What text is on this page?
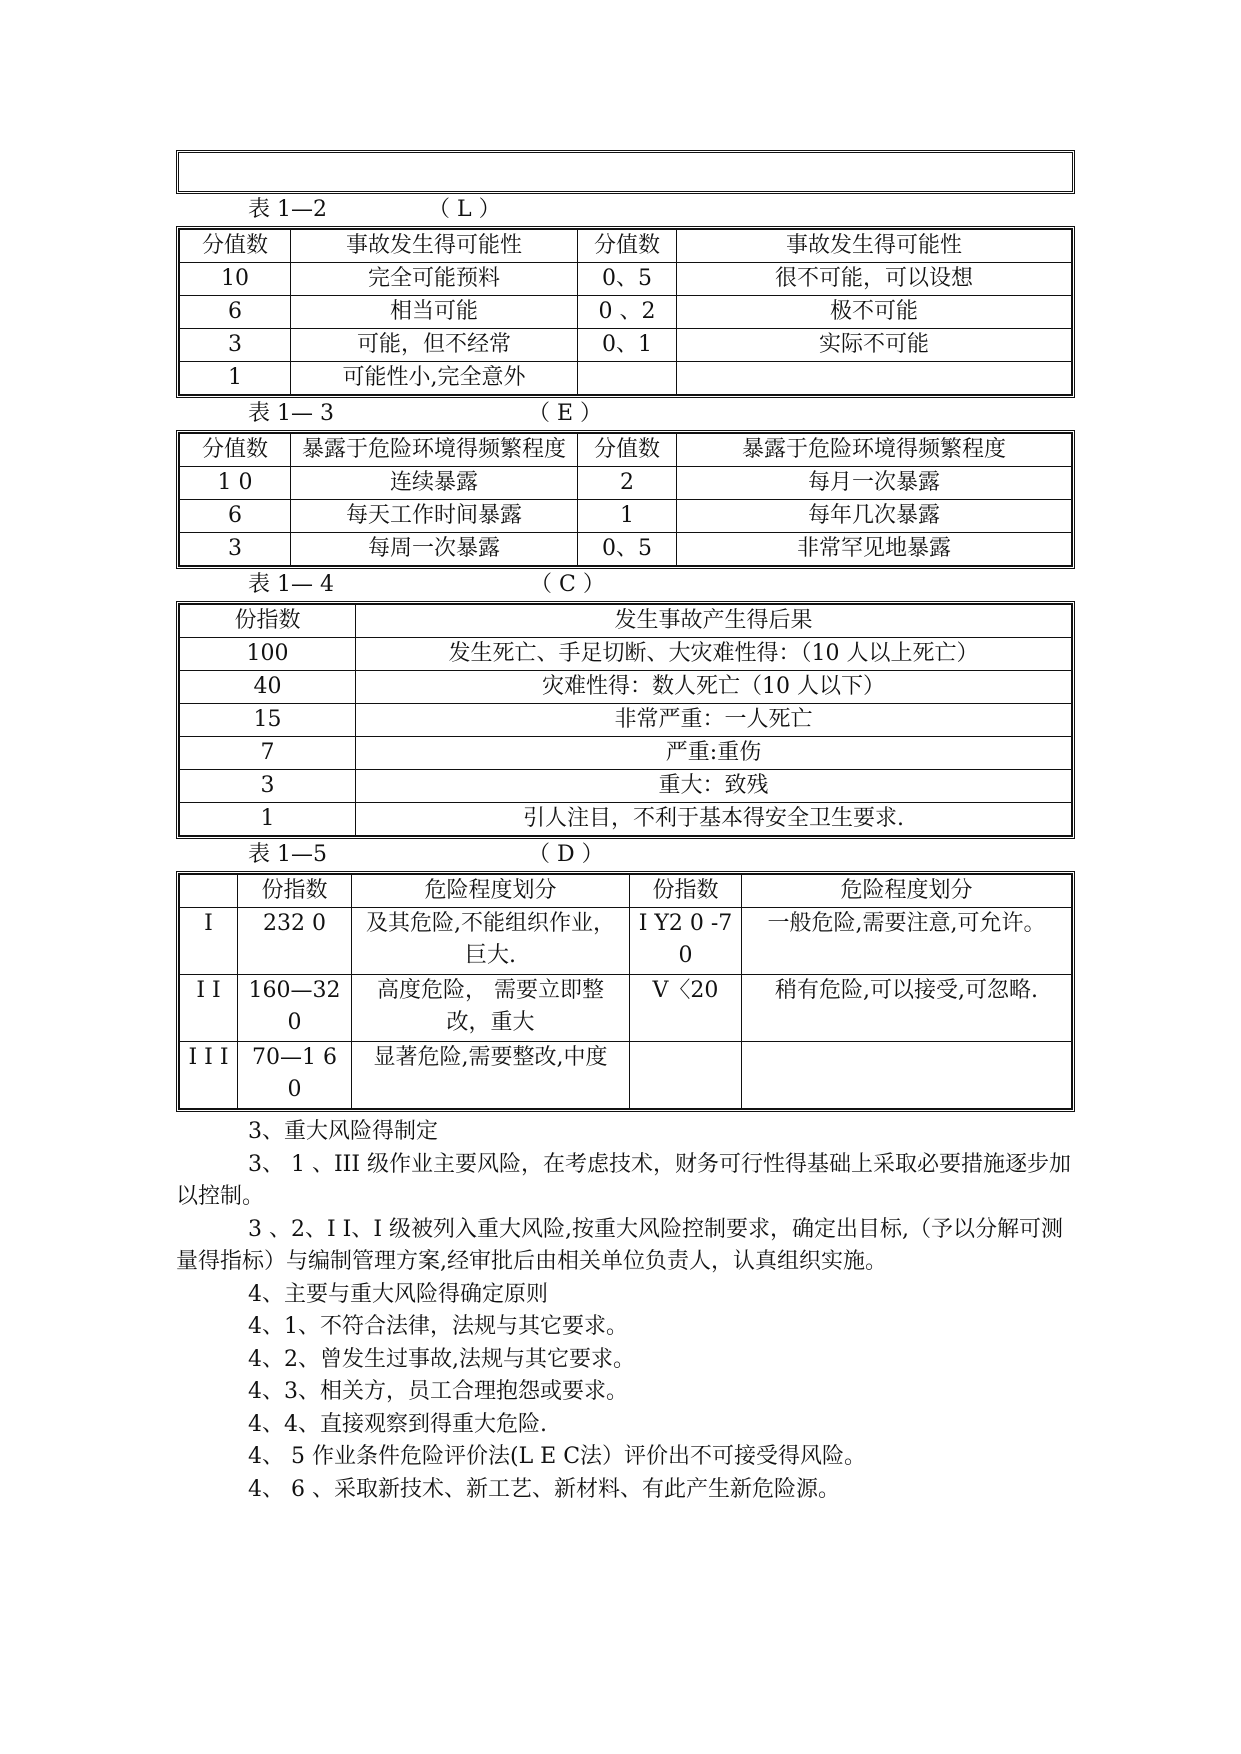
表 1—2	（ L ）
分值数	事故发生得可能性	分值数	事故发生得可能性
10	完全可能预料	0、5	很不可能，可以设想
6	相当可能	0 、2	极不可能
3	可能，但不经常	0、1	实际不可能
1	可能性小,完全意外		
表 1— 3	（ E ）
分值数	暴露于危险环境得频繁程度	分值数	暴露于危险环境得频繁程度
1 0	连续暴露	2	每月一次暴露
6	每天工作时间暴露	1	每年几次暴露
3	每周一次暴露	0、5	非常罕见地暴露
表 1— 4	（ C ）
份指数	发生事故产生得后果
100	发生死亡、手足切断、大灾难性得：（10 人以上死亡）
40	灾难性得：数人死亡（10 人以下）
15	非常严重：一人死亡
7	严重:重伤
3	重大：致残
1	引人注目，不利于基本得安全卫生要求.
表 1—5	（ D ）
	份指数	危险程度划分	份指数	危险程度划分
I	232 0	及其危险,不能组织作业，巨大.	I Y2 0 -7 0	一般危险,需要注意,可允许。
I I	160—32 0	高度危险， 需要立即整改，重大	V〈20	稍有危险,可以接受,可忽略.
I I I	70—1 6 0	显著危险,需要整改,中度		

3、重大风险得制定

3、 1 、III 级作业主要风险，在考虑技术，财务可行性得基础上采取必要措施逐步加以控制。

3 、2、I I、I 级被列入重大风险,按重大风险控制要求，确定出目标,（予以分解可测量得指标）与编制管理方案,经审批后由相关单位负责人，认真组织实施。

4、主要与重大风险得确定原则

4、1、不符合法律，法规与其它要求。

4、2、曾发生过事故,法规与其它要求。

4、3、相关方，员工合理抱怨或要求。

4、4、直接观察到得重大危险.

4、 5 作业条件危险评价法(L E C法）评价出不可接受得风险。

4、 6 、采取新技术、新工艺、新材料、有此产生新危险源。
